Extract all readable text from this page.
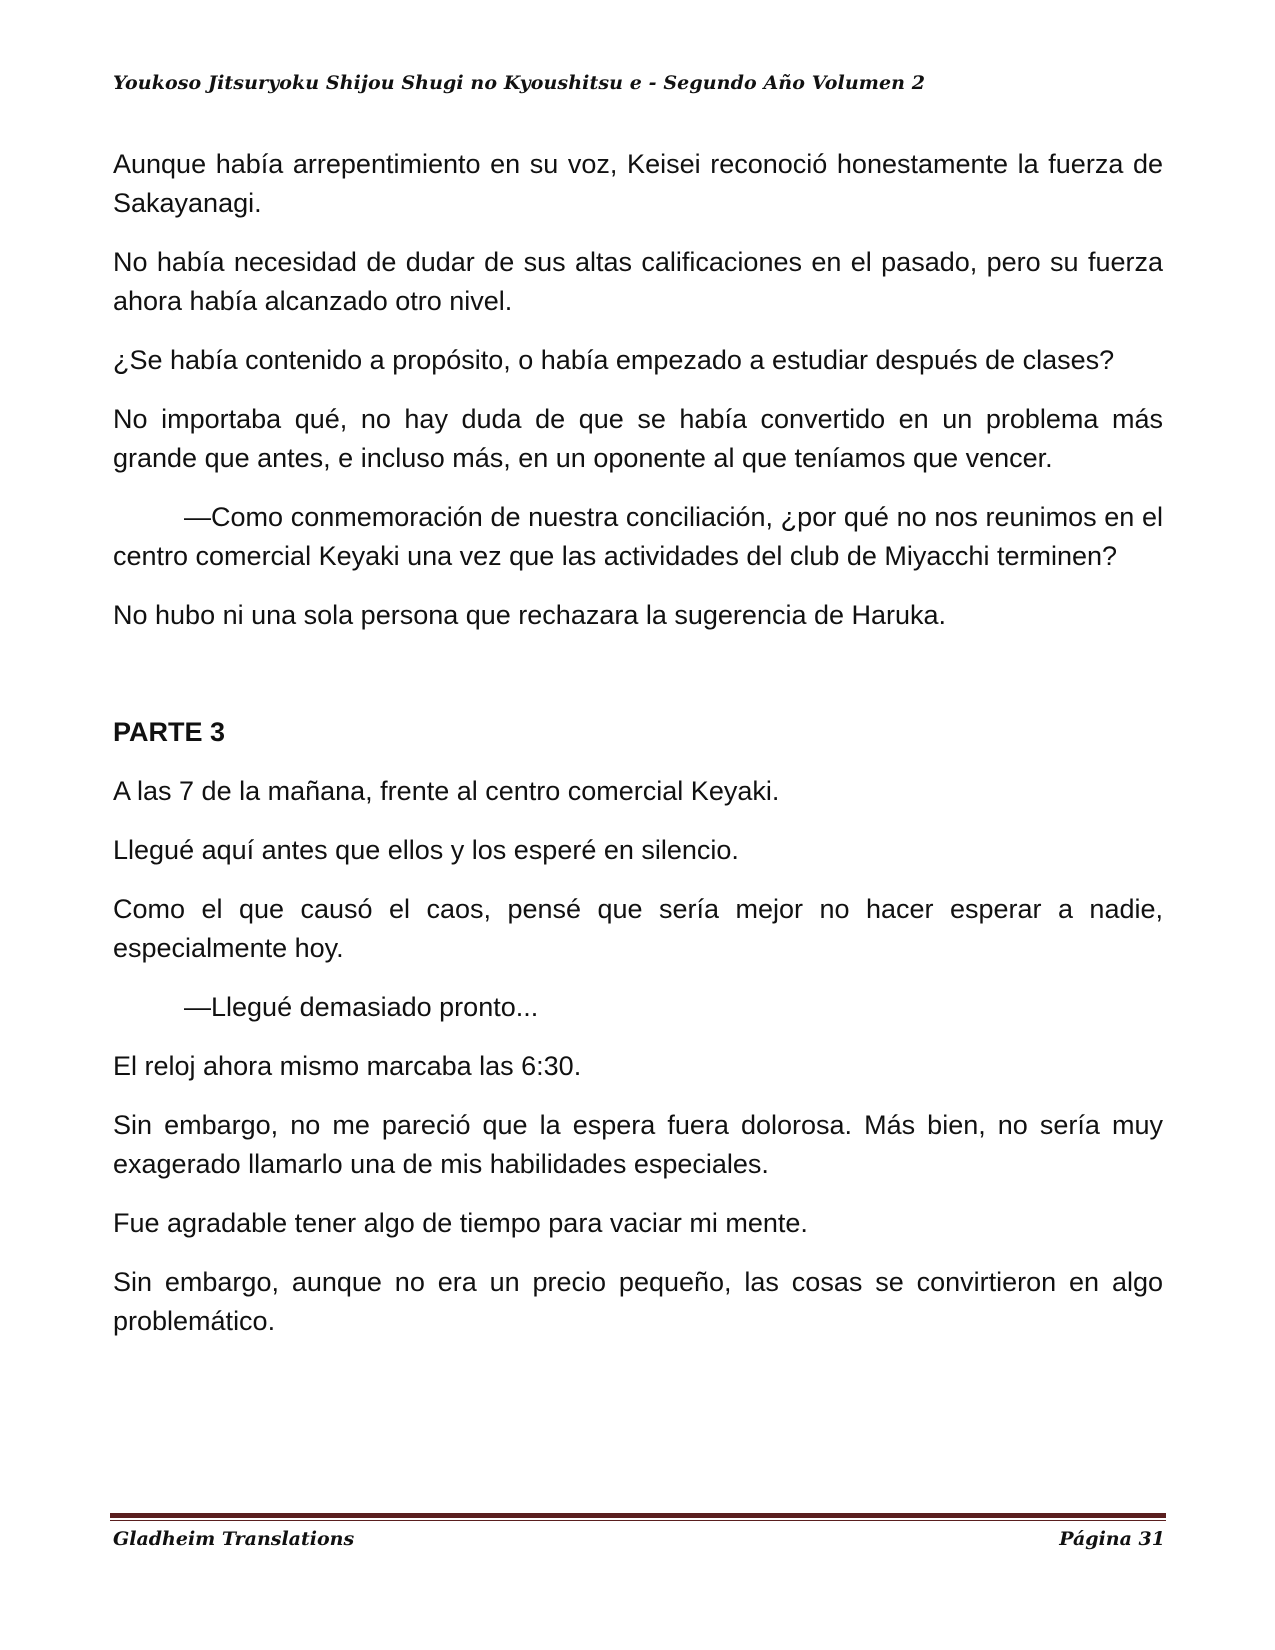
Youkoso Jitsuryoku Shijou Shugi no Kyoushitsu e - Segundo Año Volumen 2

Aunque había arrepentimiento en su voz, Keisei reconoció honestamente la fuerza de Sakayanagi.

No había necesidad de dudar de sus altas calificaciones en el pasado, pero su fuerza ahora había alcanzado otro nivel.

¿Se había contenido a propósito, o había empezado a estudiar después de clases?

No importaba qué, no hay duda de que se había convertido en un problema más grande que antes, e incluso más, en un oponente al que teníamos que vencer.

—Como conmemoración de nuestra conciliación, ¿por qué no nos reunimos en el centro comercial Keyaki una vez que las actividades del club de Miyacchi terminen?

No hubo ni una sola persona que rechazara la sugerencia de Haruka.

PARTE 3

A las 7 de la mañana, frente al centro comercial Keyaki.

Llegué aquí antes que ellos y los esperé en silencio.

Como el que causó el caos, pensé que sería mejor no hacer esperar a nadie, especialmente hoy.

—Llegué demasiado pronto...

El reloj ahora mismo marcaba las 6:30.

Sin embargo, no me pareció que la espera fuera dolorosa. Más bien, no sería muy exagerado llamarlo una de mis habilidades especiales.

Fue agradable tener algo de tiempo para vaciar mi mente.

Sin embargo, aunque no era un precio pequeño, las cosas se convirtieron en algo problemático.

Gladheim Translations	Página 31
